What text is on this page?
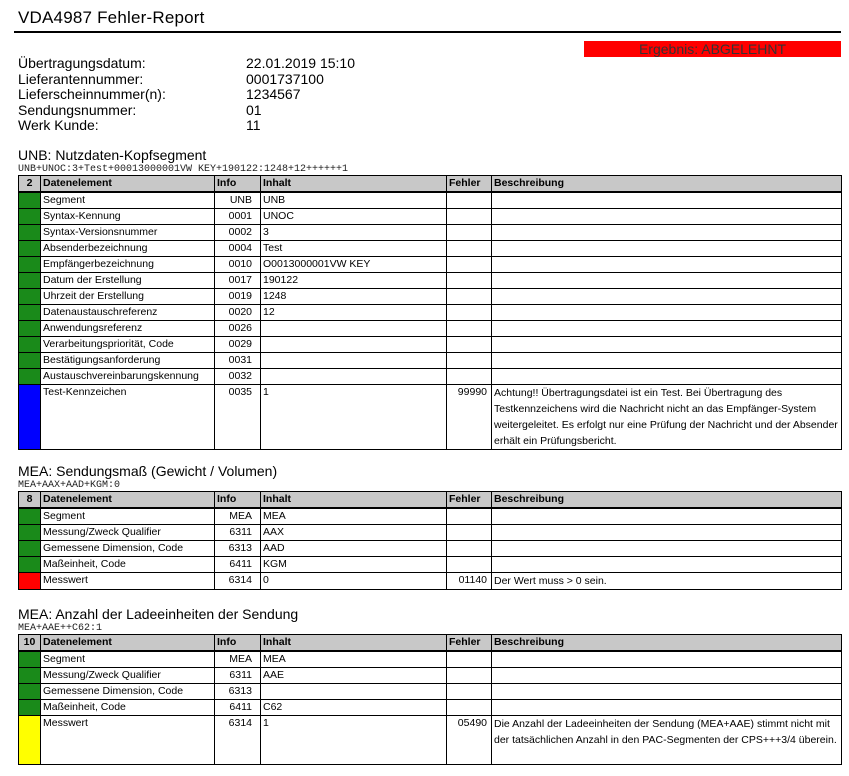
VDA4987 Fehler-Report
Ergebnis: ABGELEHNT
Übertragungsdatum:	22.01.2019 15:10
Lieferantennummer:	0001737100
Lieferscheinnummer(n):	1234567
Sendungsnummer:	01
Werk Kunde:	11
UNB: Nutzdaten-Kopfsegment
UNB+UNOC:3+Test+00013000001VW KEY+190122:1248+12++++++1
2	Datenelement	Info	Inhalt	Fehler	Beschreibung
	Segment	UNB	UNB		
	Syntax-Kennung	0001	UNOC		
	Syntax-Versionsnummer	0002	3		
	Absenderbezeichnung	0004	Test		
	Empfängerbezeichnung	0010	O0013000001VW KEY		
	Datum der Erstellung	0017	190122		
	Uhrzeit der Erstellung	0019	1248		
	Datenaustauschreferenz	0020	12		
	Anwendungsreferenz	0026			
	Verarbeitungspriorität, Code	0029			
	Bestätigungsanforderung	0031			
	Austauschvereinbarungskennung	0032			
	Test-Kennzeichen	0035	1	99990	Achtung!! Übertragungsdatei ist ein Test. Bei Übertragung des Testkennzeichens wird die Nachricht nicht an das Empfänger-System weitergeleitet. Es erfolgt nur eine Prüfung der Nachricht und der Absender erhält ein Prüfungsbericht.
MEA: Sendungsmaß (Gewicht / Volumen)
MEA+AAX+AAD+KGM:0
8	Datenelement	Info	Inhalt	Fehler	Beschreibung
	Segment	MEA	MEA		
	Messung/Zweck Qualifier	6311	AAX		
	Gemessene Dimension, Code	6313	AAD		
	Maßeinheit, Code	6411	KGM		
	Messwert	6314	0	01140	Der Wert muss > 0 sein.
MEA: Anzahl der Ladeeinheiten der Sendung
MEA+AAE++C62:1
10	Datenelement	Info	Inhalt	Fehler	Beschreibung
	Segment	MEA	MEA		
	Messung/Zweck Qualifier	6311	AAE		
	Gemessene Dimension, Code	6313			
	Maßeinheit, Code	6411	C62		
	Messwert	6314	1	05490	Die Anzahl der Ladeeinheiten der Sendung (MEA+AAE) stimmt nicht mit der tatsächlichen Anzahl in den PAC-Segmenten der CPS+++3/4 überein.
